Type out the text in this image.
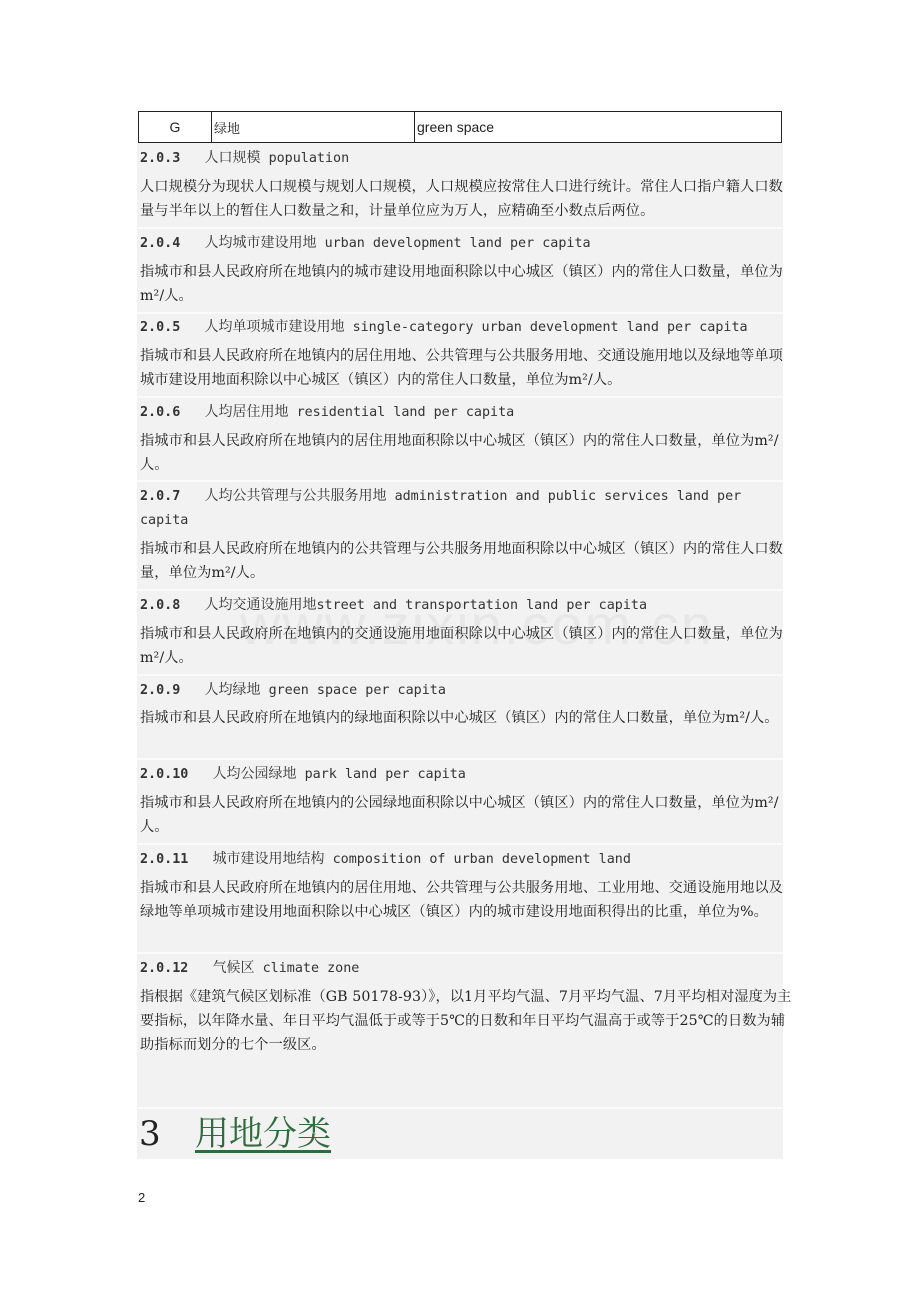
G	绿地	green space
2.0.3 人口规模 population
人口规模分为现状人口规模与规划人口规模，人口规模应按常住人口进行统计。常住人口指户籍人口数量与半年以上的暂住人口数量之和，计量单位应为万人，应精确至小数点后两位。
2.0.4 人均城市建设用地 urban development land per capita
指城市和县人民政府所在地镇内的城市建设用地面积除以中心城区（镇区）内的常住人口数量，单位为m²/人。
2.0.5 人均单项城市建设用地 single-category urban development land per capita
指城市和县人民政府所在地镇内的居住用地、公共管理与公共服务用地、交通设施用地以及绿地等单项城市建设用地面积除以中心城区（镇区）内的常住人口数量，单位为m²/人。
2.0.6 人均居住用地 residential land per capita
指城市和县人民政府所在地镇内的居住用地面积除以中心城区（镇区）内的常住人口数量，单位为m²/人。
2.0.7 人均公共管理与公共服务用地 administration and public services land per capita
指城市和县人民政府所在地镇内的公共管理与公共服务用地面积除以中心城区（镇区）内的常住人口数量，单位为m²/人。
2.0.8 人均交通设施用地street and transportation land per capita
指城市和县人民政府所在地镇内的交通设施用地面积除以中心城区（镇区）内的常住人口数量，单位为m²/人。
2.0.9 人均绿地 green space per capita
指城市和县人民政府所在地镇内的绿地面积除以中心城区（镇区）内的常住人口数量，单位为m²/人。
2.0.10 人均公园绿地 park land per capita
指城市和县人民政府所在地镇内的公园绿地面积除以中心城区（镇区）内的常住人口数量，单位为m²/人。
2.0.11 城市建设用地结构 composition of urban development land
指城市和县人民政府所在地镇内的居住用地、公共管理与公共服务用地、工业用地、交通设施用地以及绿地等单项城市建设用地面积除以中心城区（镇区）内的城市建设用地面积得出的比重，单位为%。
2.0.12 气候区 climate zone
指根据《建筑气候区划标准（GB 50178-93）》，以1月平均气温、7月平均气温、7月平均相对湿度为主要指标，以年降水量、年日平均气温低于或等于5℃的日数和年日平均气温高于或等于25℃的日数为辅助指标而划分的七个一级区。
3 用地分类
2
